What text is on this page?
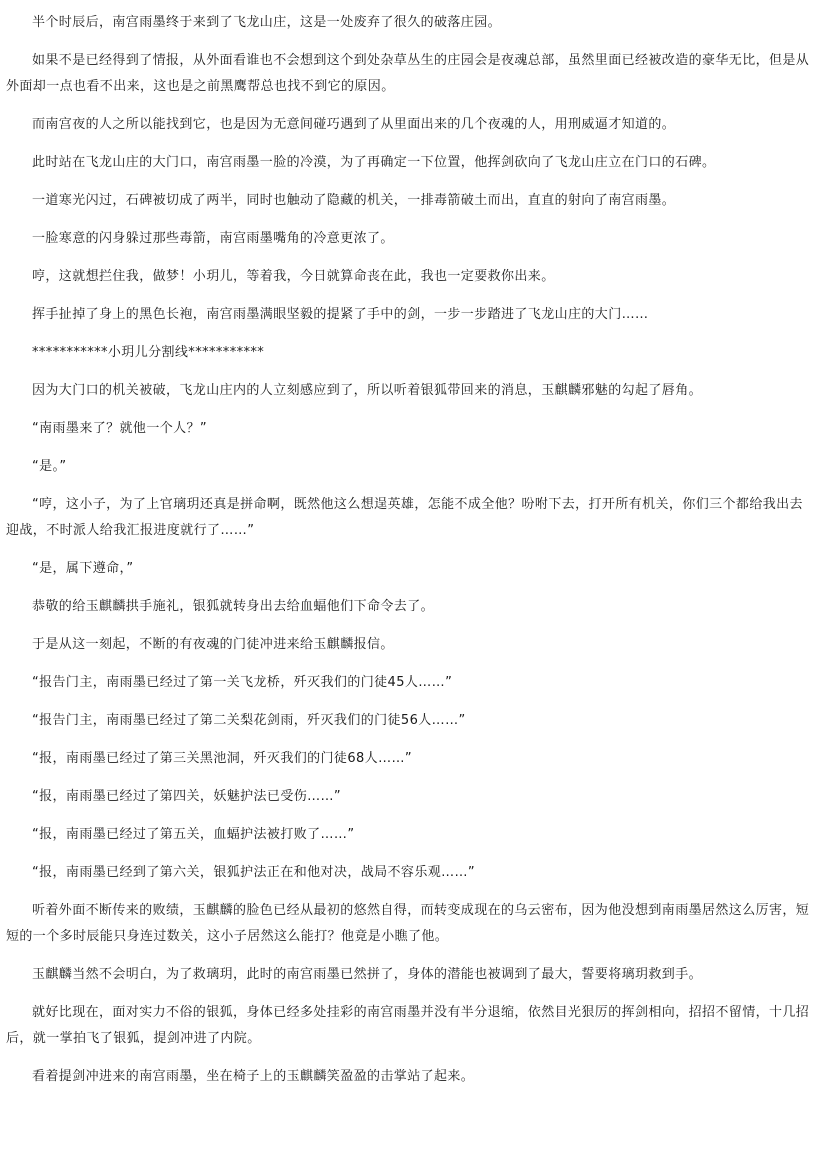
半个时辰后，南宫雨墨终于来到了飞龙山庄，这是一处废弃了很久的破落庄园。

如果不是已经得到了情报，从外面看谁也不会想到这个到处杂草丛生的庄园会是夜魂总部，虽然里面已经被改造的豪华无比，但是从外面却一点也看不出来，这也是之前黑鹰帮总也找不到它的原因。

而南宫夜的人之所以能找到它，也是因为无意间碰巧遇到了从里面出来的几个夜魂的人，用刑威逼才知道的。

此时站在飞龙山庄的大门口，南宫雨墨一脸的冷漠，为了再确定一下位置，他挥剑砍向了飞龙山庄立在门口的石碑。

一道寒光闪过，石碑被切成了两半，同时也触动了隐藏的机关，一排毒箭破土而出，直直的射向了南宫雨墨。

一脸寒意的闪身躲过那些毒箭，南宫雨墨嘴角的冷意更浓了。

哼，这就想拦住我，做梦！小玥儿，等着我，今日就算命丧在此，我也一定要救你出来。

挥手扯掉了身上的黑色长袍，南宫雨墨满眼坚毅的提紧了手中的剑，一步一步踏进了飞龙山庄的大门……

***********小玥儿分割线***********

因为大门口的机关被破，飞龙山庄内的人立刻感应到了，所以听着银狐带回来的消息，玉麒麟邪魅的勾起了唇角。

“南雨墨来了？就他一个人？”

“是。”

“哼，这小子，为了上官璃玥还真是拼命啊，既然他这么想逞英雄，怎能不成全他？吩咐下去，打开所有机关，你们三个都给我出去迎战，不时派人给我汇报进度就行了……”

“是，属下遵命，”

恭敬的给玉麒麟拱手施礼，银狐就转身出去给血蝠他们下命令去了。

于是从这一刻起，不断的有夜魂的门徒冲进来给玉麒麟报信。

“报告门主，南雨墨已经过了第一关飞龙桥，歼灭我们的门徒45人……”

“报告门主，南雨墨已经过了第二关梨花剑雨，歼灭我们的门徒56人……”

“报，南雨墨已经过了第三关黑池洞，歼灭我们的门徒68人……”

“报，南雨墨已经过了第四关，妖魅护法已受伤……”

“报，南雨墨已经过了第五关，血蝠护法被打败了……”

“报，南雨墨已经到了第六关，银狐护法正在和他对决，战局不容乐观……”

听着外面不断传来的败绩，玉麒麟的脸色已经从最初的悠然自得，而转变成现在的乌云密布，因为他没想到南雨墨居然这么厉害，短短的一个多时辰能只身连过数关，这小子居然这么能打？他竟是小瞧了他。

玉麒麟当然不会明白，为了救璃玥，此时的南宫雨墨已然拼了，身体的潜能也被调到了最大，誓要将璃玥救到手。

就好比现在，面对实力不俗的银狐，身体已经多处挂彩的南宫雨墨并没有半分退缩，依然目光狠厉的挥剑相向，招招不留情，十几招后，就一掌拍飞了银狐，提剑冲进了内院。

看着提剑冲进来的南宫雨墨，坐在椅子上的玉麒麟笑盈盈的击掌站了起来。
